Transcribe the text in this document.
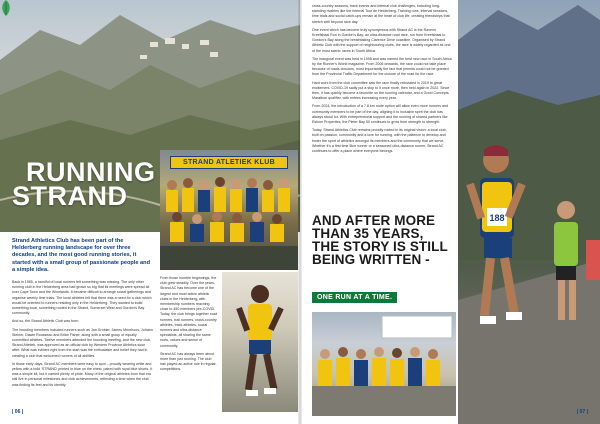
RUNNING
STRAND
Strand Athletics Club has been part of the Helderberg running landscape for over three decades, and the most good running stories, it started with a small group of passionate people and a simple idea.

Back in 1985, a handful of local runners felt something was missing. The only other running club in the Helderberg area had grown so big that its meetings were spread all over Cape Town and the Winelands. It became difficult to arrange social gatherings and organise weekly time trials. The local athletes felt that there was a need for a club which would be oriented to runners residing only in the Helderberg. They wanted to build something local, something rooted in the Strand, Somerset West and Gordon's Bay community.

And so, the Strand Athletic Club was born.

The founding members included runners such as Jan Grobler, James Moorhuus, Johann Steiner, Dawie Rousseau and Brian Fisher, along with a small group of equally committed athletes. Twelve members attended the founding meeting, and the new club, Strand Atletiek, was approved as an official club by Western Province Athletics soon after. What was evident right from the start was the enthusiasm and belief they had in creating a club that welcomed runners of all abilities.

In those early days, Strand AC members were easy to spot – proudly wearing white and yellow with a bold 'STRAND' printed in blue on the chest, paired with royal blue shorts. It was a simple kit, but it carried plenty of pride. Many of the original athletes from that era still live in personal milestones and club achievements, reflecting a time when the club was finding its feet and its identity.

STRAND ATLETIEK KLUB

From those humble beginnings, the club grew steadily. Over the years, Strand AC has become one of the largest and most active athletic clubs in the Helderberg, with membership numbers reaching close to 450 members pre-COVID. Today, the club brings together road runners, trail runners, cross-country athletes, track athletes, social runners and ultra-distance specialists, all sharing the same roots, values and sense of community.

Strand AC has always been about more than just running. The club has played an active role in regular, competitions.

| 06 |

cross-country seasons, track events and internal club challenges, including long-standing rivalries like the internal Tour de Helderberg. Training runs, interval sessions, time trials and social catch-ups remain at the heart of club life, creating friendships that stretch well beyond race day.

One event which has become truly synonymous with Strand AC is the Ravenn Kreefsbaai Run in Gordon's Bay, an ultra-distance road race, run from Kreefsbaai to Gordon's Bay along the breathtaking Clarence Drive coastline. Organised by Strand Athletic Club with the support of neighbouring clubs, the race is widely regarded as one of the most scenic races in South Africa.

The inaugural event was held in 1995 and was named the best new race in South Africa by the Runner's World magazine. From 2006 onwards, the race could not take place because of roads closures, most importantly the fact that permits could not be granted from the Provincial Traffic Department for the closure of the road for the race.

Hard work from the club committee saw the race finally reinstated in 2019 to great excitement. COVID-19 sadly put a stop to it once more, then held again in 2022. Since then, it has quickly become a favourite on the running calendar, and a Good Concepts Marathon qualifier, with entries increasing every year.

From 2024, the introduction of a 7.8 km route option will allow even more runners and community members to be part of the day, aligning it to inclusive spirit the club has always stood for. With entrepreneurial support and the running of shared partners like Eskom Properties, the Pieter Bay 50 continues to grow from strength to strength.

Today, Strand Athletics Club remains proudly rooted in its original vision: a local club, built on passion, community and a love for running, with the patience to develop and foster the sport of athletics amongst its members and the community that we serve. Whether it's a first time 5km runner or a seasoned ultra-distance runner, Strand AC continues to offer a place where everyone belongs.

AND AFTER MORE THAN 35 YEARS, THE STORY IS STILL BEING WRITTEN -
ONE RUN AT A TIME.
188
| 07 |
